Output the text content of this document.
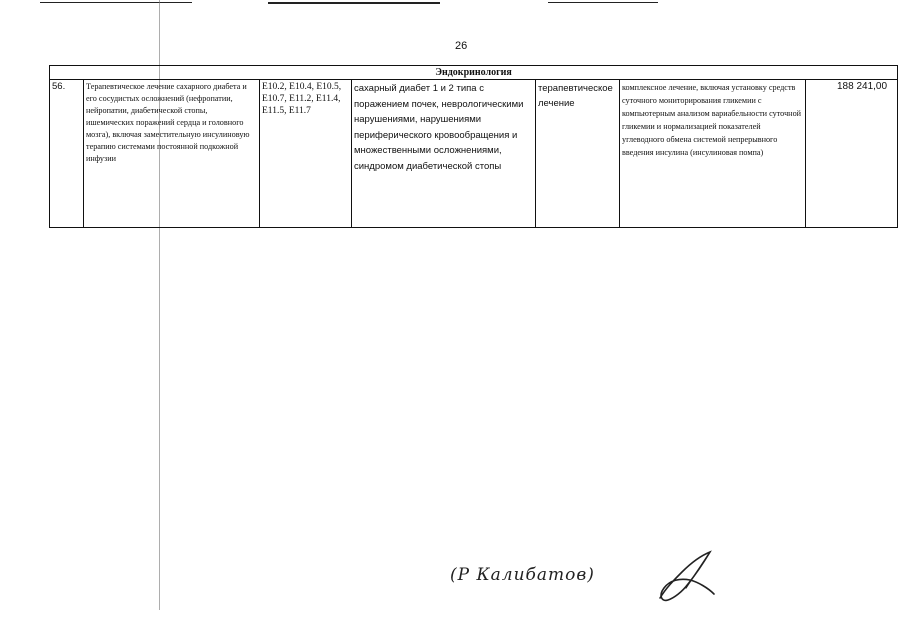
26
Эндокринология
56.	Терапевтическое лечение сахарного диабета и его сосудистых осложнений (нефропатии, нейропатии, диабетической стопы, ишемических поражений сердца и головного мозга), включая заместительную инсулиновую терапию системами постоянной подкожной инфузии	E10.2, E10.4, E10.5, E10.7, E11.2, E11.4, E11.5, E11.7	сахарный диабет 1 и 2 типа с поражением почек, неврологическими нарушениями, нарушениями периферического кровообращения и множественными осложнениями, синдромом диабетической стопы	терапевтическое лечение	комплексное лечение, включая установку средств суточного мониторирования гликемии с компьютерным анализом вариабельности суточной гликемии и нормализацией показателей углеводного обмена системой непрерывного введения инсулина (инсулиновая помпа)	188 241,00
(Р Калибатов)
